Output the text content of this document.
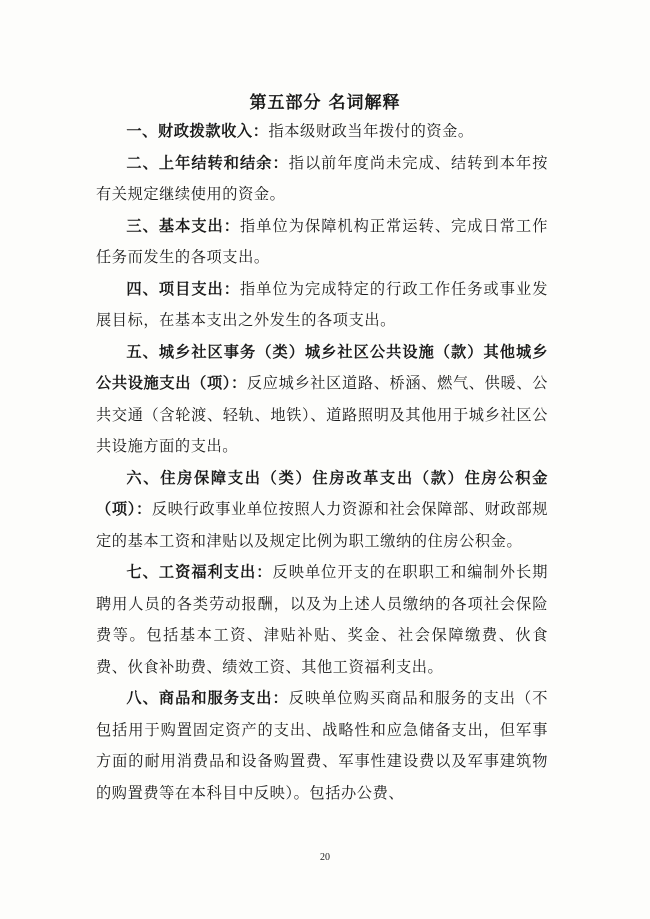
第五部分 名词解释

一、财政拨款收入：指本级财政当年拨付的资金。

二、上年结转和结余：指以前年度尚未完成、结转到本年按有关规定继续使用的资金。

三、基本支出：指单位为保障机构正常运转、完成日常工作任务而发生的各项支出。

四、项目支出：指单位为完成特定的行政工作任务或事业发展目标，在基本支出之外发生的各项支出。

五、城乡社区事务（类）城乡社区公共设施（款）其他城乡公共设施支出（项）：反应城乡社区道路、桥涵、燃气、供暖、公共交通（含轮渡、轻轨、地铁）、道路照明及其他用于城乡社区公共设施方面的支出。

六、住房保障支出（类）住房改革支出（款）住房公积金（项）：反映行政事业单位按照人力资源和社会保障部、财政部规定的基本工资和津贴以及规定比例为职工缴纳的住房公积金。

七、工资福利支出：反映单位开支的在职职工和编制外长期聘用人员的各类劳动报酬，以及为上述人员缴纳的各项社会保险费等。包括基本工资、津贴补贴、奖金、社会保障缴费、伙食费、伙食补助费、绩效工资、其他工资福利支出。

八、商品和服务支出：反映单位购买商品和服务的支出（不包括用于购置固定资产的支出、战略性和应急储备支出，但军事方面的耐用消费品和设备购置费、军事性建设费以及军事建筑物的购置费等在本科目中反映）。包括办公费、

20
